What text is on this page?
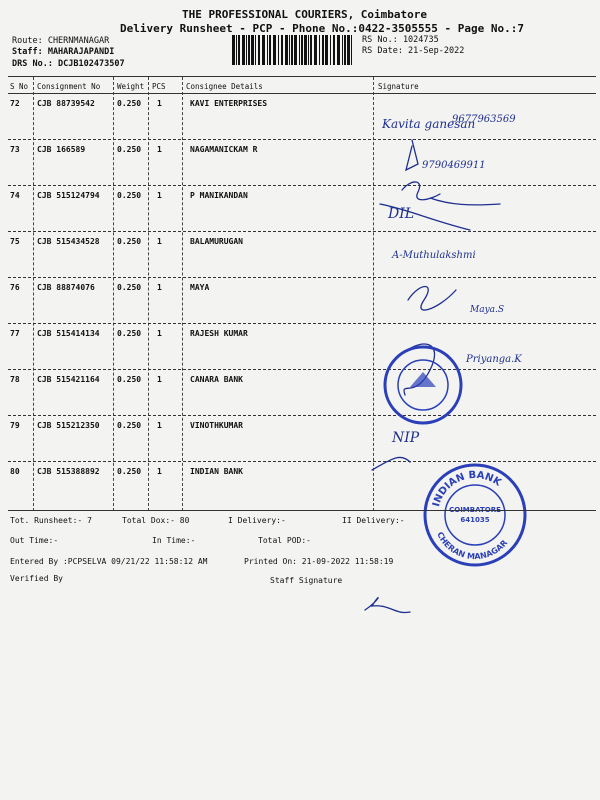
THE PROFESSIONAL COURIERS, Coimbatore
Delivery Runsheet - PCP - Phone No.:0422-3505555 - Page No.:7
Route: CHERNMANAGAR
Staff: MAHARAJAPANDI
DRS No.: DCJB102473507
RS No.: 1024735
RS Date: 21-Sep-2022
S No Consignment No Weight PCS	Consignee Details	Signature
72 CJB 88739542	0.250 1	KAVI ENTERPRISES
73 CJB 166589	0.250 1	NAGAMANICKAM R
74 CJB 515124794 0.250 1	P MANIKANDAN
75 CJB 515434528 0.250 1	BALAMURUGAN
76 CJB 88874076	0.250 1	MAYA
77 CJB 515414134 0.250 1	RAJESH KUMAR
78 CJB 515421164 0.250 1	CANARA BANK
79 CJB 515212350 0.250 1	VINOTHKUMAR
80 CJB 515388892 0.250 1	INDIAN BANK
Kavita ganesan
9677963569
9790469911
DIL
A-Muthulakshmi
Maya.S
Priyanga.K
NIP
INDIAN BANK
COIMBATORE
641035
CHERAN MANAGAR
Tot. Runsheet:- 7	Total Dox:- 80	I Delivery:-	II Delivery:-
Out Time:-	In Time:-	Total POD:-
Entered By :PCPSELVA 09/21/22 11:58:12 AM	Printed On: 21-09-2022 11:58:19
Verified By	Staff Signature
